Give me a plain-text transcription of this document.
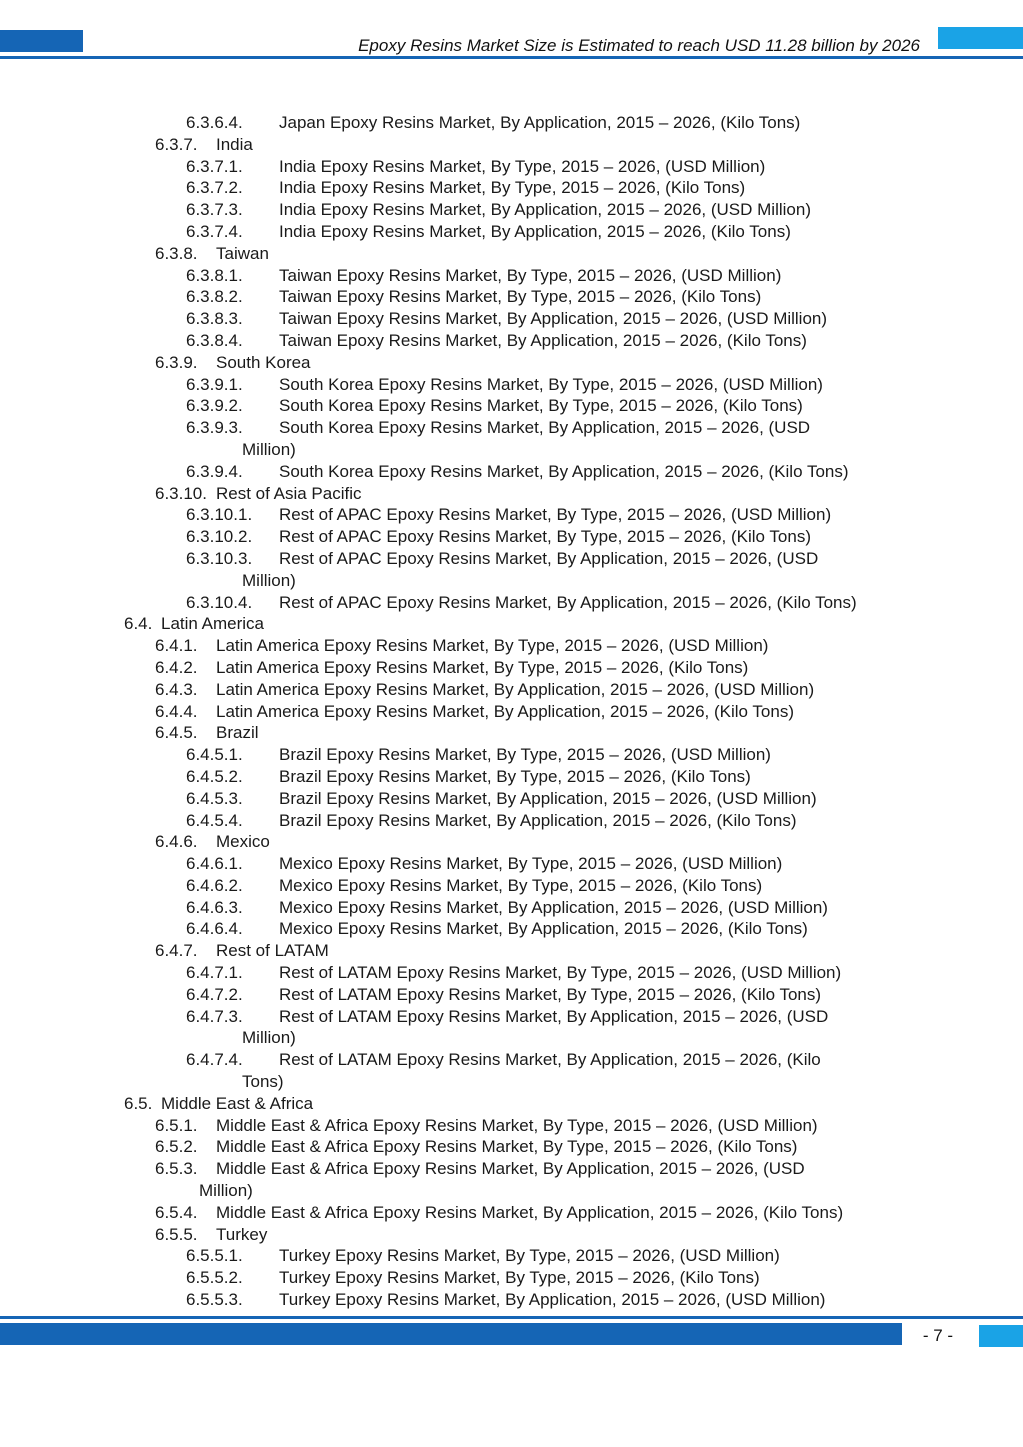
Epoxy Resins Market Size is Estimated to reach USD 11.28 billion by 2026
6.3.6.4. Japan Epoxy Resins Market, By Application, 2015 – 2026, (Kilo Tons)
6.3.7. India
6.3.7.1. India Epoxy Resins Market, By Type, 2015 – 2026, (USD Million)
6.3.7.2. India Epoxy Resins Market, By Type, 2015 – 2026, (Kilo Tons)
6.3.7.3. India Epoxy Resins Market, By Application, 2015 – 2026, (USD Million)
6.3.7.4. India Epoxy Resins Market, By Application, 2015 – 2026, (Kilo Tons)
6.3.8. Taiwan
6.3.8.1. Taiwan Epoxy Resins Market, By Type, 2015 – 2026, (USD Million)
6.3.8.2. Taiwan Epoxy Resins Market, By Type, 2015 – 2026, (Kilo Tons)
6.3.8.3. Taiwan Epoxy Resins Market, By Application, 2015 – 2026, (USD Million)
6.3.8.4. Taiwan Epoxy Resins Market, By Application, 2015 – 2026, (Kilo Tons)
6.3.9. South Korea
6.3.9.1. South Korea Epoxy Resins Market, By Type, 2015 – 2026, (USD Million)
6.3.9.2. South Korea Epoxy Resins Market, By Type, 2015 – 2026, (Kilo Tons)
6.3.9.3. South Korea Epoxy Resins Market, By Application, 2015 – 2026, (USD
Million)
6.3.9.4. South Korea Epoxy Resins Market, By Application, 2015 – 2026, (Kilo Tons)
6.3.10. Rest of Asia Pacific
6.3.10.1. Rest of APAC Epoxy Resins Market, By Type, 2015 – 2026, (USD Million)
6.3.10.2. Rest of APAC Epoxy Resins Market, By Type, 2015 – 2026, (Kilo Tons)
6.3.10.3. Rest of APAC Epoxy Resins Market, By Application, 2015 – 2026, (USD
Million)
6.3.10.4. Rest of APAC Epoxy Resins Market, By Application, 2015 – 2026, (Kilo Tons)
6.4. Latin America
6.4.1. Latin America Epoxy Resins Market, By Type, 2015 – 2026, (USD Million)
6.4.2. Latin America Epoxy Resins Market, By Type, 2015 – 2026, (Kilo Tons)
6.4.3. Latin America Epoxy Resins Market, By Application, 2015 – 2026, (USD Million)
6.4.4. Latin America Epoxy Resins Market, By Application, 2015 – 2026, (Kilo Tons)
6.4.5. Brazil
6.4.5.1. Brazil Epoxy Resins Market, By Type, 2015 – 2026, (USD Million)
6.4.5.2. Brazil Epoxy Resins Market, By Type, 2015 – 2026, (Kilo Tons)
6.4.5.3. Brazil Epoxy Resins Market, By Application, 2015 – 2026, (USD Million)
6.4.5.4. Brazil Epoxy Resins Market, By Application, 2015 – 2026, (Kilo Tons)
6.4.6. Mexico
6.4.6.1. Mexico Epoxy Resins Market, By Type, 2015 – 2026, (USD Million)
6.4.6.2. Mexico Epoxy Resins Market, By Type, 2015 – 2026, (Kilo Tons)
6.4.6.3. Mexico Epoxy Resins Market, By Application, 2015 – 2026, (USD Million)
6.4.6.4. Mexico Epoxy Resins Market, By Application, 2015 – 2026, (Kilo Tons)
6.4.7. Rest of LATAM
6.4.7.1. Rest of LATAM Epoxy Resins Market, By Type, 2015 – 2026, (USD Million)
6.4.7.2. Rest of LATAM Epoxy Resins Market, By Type, 2015 – 2026, (Kilo Tons)
6.4.7.3. Rest of LATAM Epoxy Resins Market, By Application, 2015 – 2026, (USD
Million)
6.4.7.4. Rest of LATAM Epoxy Resins Market, By Application, 2015 – 2026, (Kilo
Tons)
6.5. Middle East & Africa
6.5.1. Middle East & Africa Epoxy Resins Market, By Type, 2015 – 2026, (USD Million)
6.5.2. Middle East & Africa Epoxy Resins Market, By Type, 2015 – 2026, (Kilo Tons)
6.5.3. Middle East & Africa Epoxy Resins Market, By Application, 2015 – 2026, (USD
Million)
6.5.4. Middle East & Africa Epoxy Resins Market, By Application, 2015 – 2026, (Kilo Tons)
6.5.5. Turkey
6.5.5.1. Turkey Epoxy Resins Market, By Type, 2015 – 2026, (USD Million)
6.5.5.2. Turkey Epoxy Resins Market, By Type, 2015 – 2026, (Kilo Tons)
6.5.5.3. Turkey Epoxy Resins Market, By Application, 2015 – 2026, (USD Million)
- 7 -
